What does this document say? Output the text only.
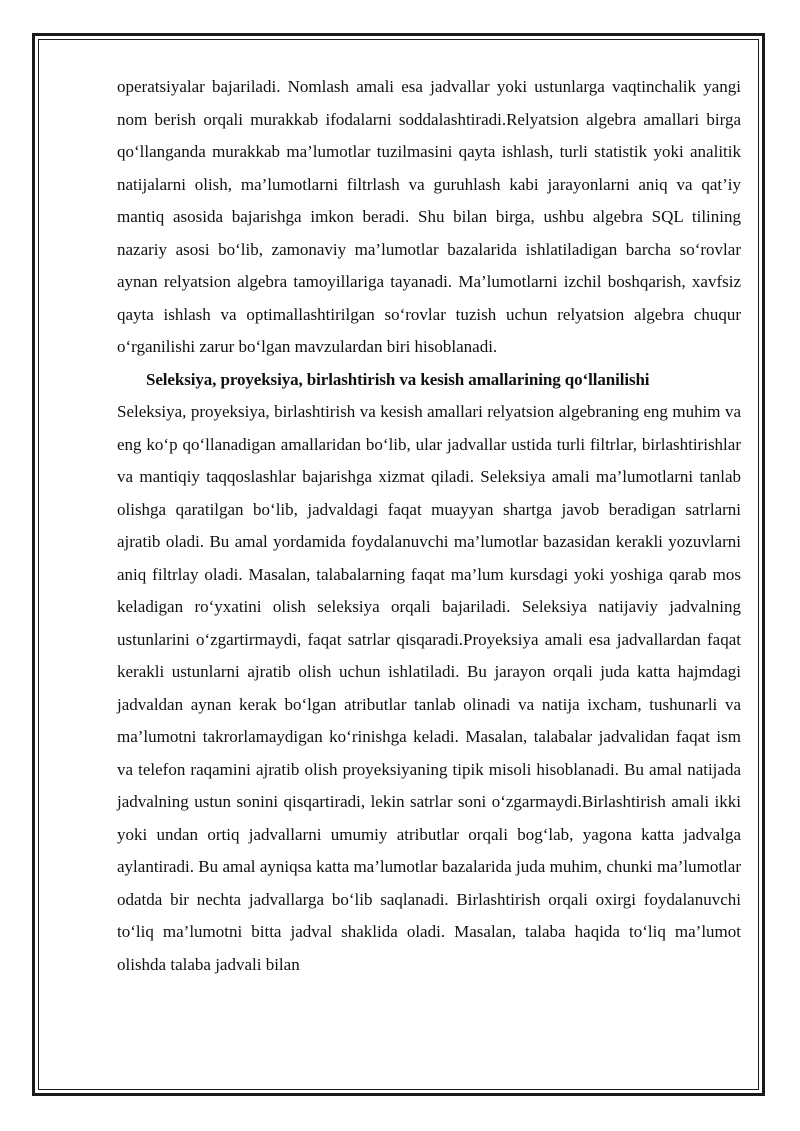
operatsiyalar bajariladi. Nomlash amali esa jadvallar yoki ustunlarga vaqtinchalik yangi nom berish orqali murakkab ifodalarni soddalashtiradi.Relyatsion algebra amallari birga qo‘llanganda murakkab ma’lumotlar tuzilmasini qayta ishlash, turli statistik yoki analitik natijalarni olish, ma’lumotlarni filtrlash va guruhlash kabi jarayonlarni aniq va qat’iy mantiq asosida bajarishga imkon beradi. Shu bilan birga, ushbu algebra SQL tilining nazariy asosi bo‘lib, zamonaviy ma’lumotlar bazalarida ishlatiladigan barcha so‘rovlar aynan relyatsion algebra tamoyillariga tayanadi. Ma’lumotlarni izchil boshqarish, xavfsiz qayta ishlash va optimallashtirilgan so‘rovlar tuzish uchun relyatsion algebra chuqur o‘rganilishi zarur bo‘lgan mavzulardan biri hisoblanadi.

Seleksiya, proyeksiya, birlashtirish va kesish amallarining qo‘llanilishi

Seleksiya, proyeksiya, birlashtirish va kesish amallari relyatsion algebraning eng muhim va eng ko‘p qo‘llanadigan amallaridan bo‘lib, ular jadvallar ustida turli filtrlar, birlashtirishlar va mantiqiy taqqoslashlar bajarishga xizmat qiladi. Seleksiya amali ma’lumotlarni tanlab olishga qaratilgan bo‘lib, jadvaldagi faqat muayyan shartga javob beradigan satrlarni ajratib oladi. Bu amal yordamida foydalanuvchi ma’lumotlar bazasidan kerakli yozuvlarni aniq filtrlay oladi. Masalan, talabalarning faqat ma’lum kursdagi yoki yoshiga qarab mos keladigan ro‘yxatini olish seleksiya orqali bajariladi. Seleksiya natijaviy jadvalning ustunlarini o‘zgartirmaydi, faqat satrlar qisqaradi.Proyeksiya amali esa jadvallardan faqat kerakli ustunlarni ajratib olish uchun ishlatiladi. Bu jarayon orqali juda katta hajmdagi jadvaldan aynan kerak bo‘lgan atributlar tanlab olinadi va natija ixcham, tushunarli va ma’lumotni takrorlamaydigan ko‘rinishga keladi. Masalan, talabalar jadvalidan faqat ism va telefon raqamini ajratib olish proyeksiyaning tipik misoli hisoblanadi. Bu amal natijada jadvalning ustun sonini qisqartiradi, lekin satrlar soni o‘zgarmaydi.Birlashtirish amali ikki yoki undan ortiq jadvallarni umumiy atributlar orqali bog‘lab, yagona katta jadvalga aylantiradi. Bu amal ayniqsa katta ma’lumotlar bazalarida juda muhim, chunki ma’lumotlar odatda bir nechta jadvallarga bo‘lib saqlanadi. Birlashtirish orqali oxirgi foydalanuvchi to‘liq ma’lumotni bitta jadval shaklida oladi. Masalan, talaba haqida to‘liq ma’lumot olishda talaba jadvali bilan
